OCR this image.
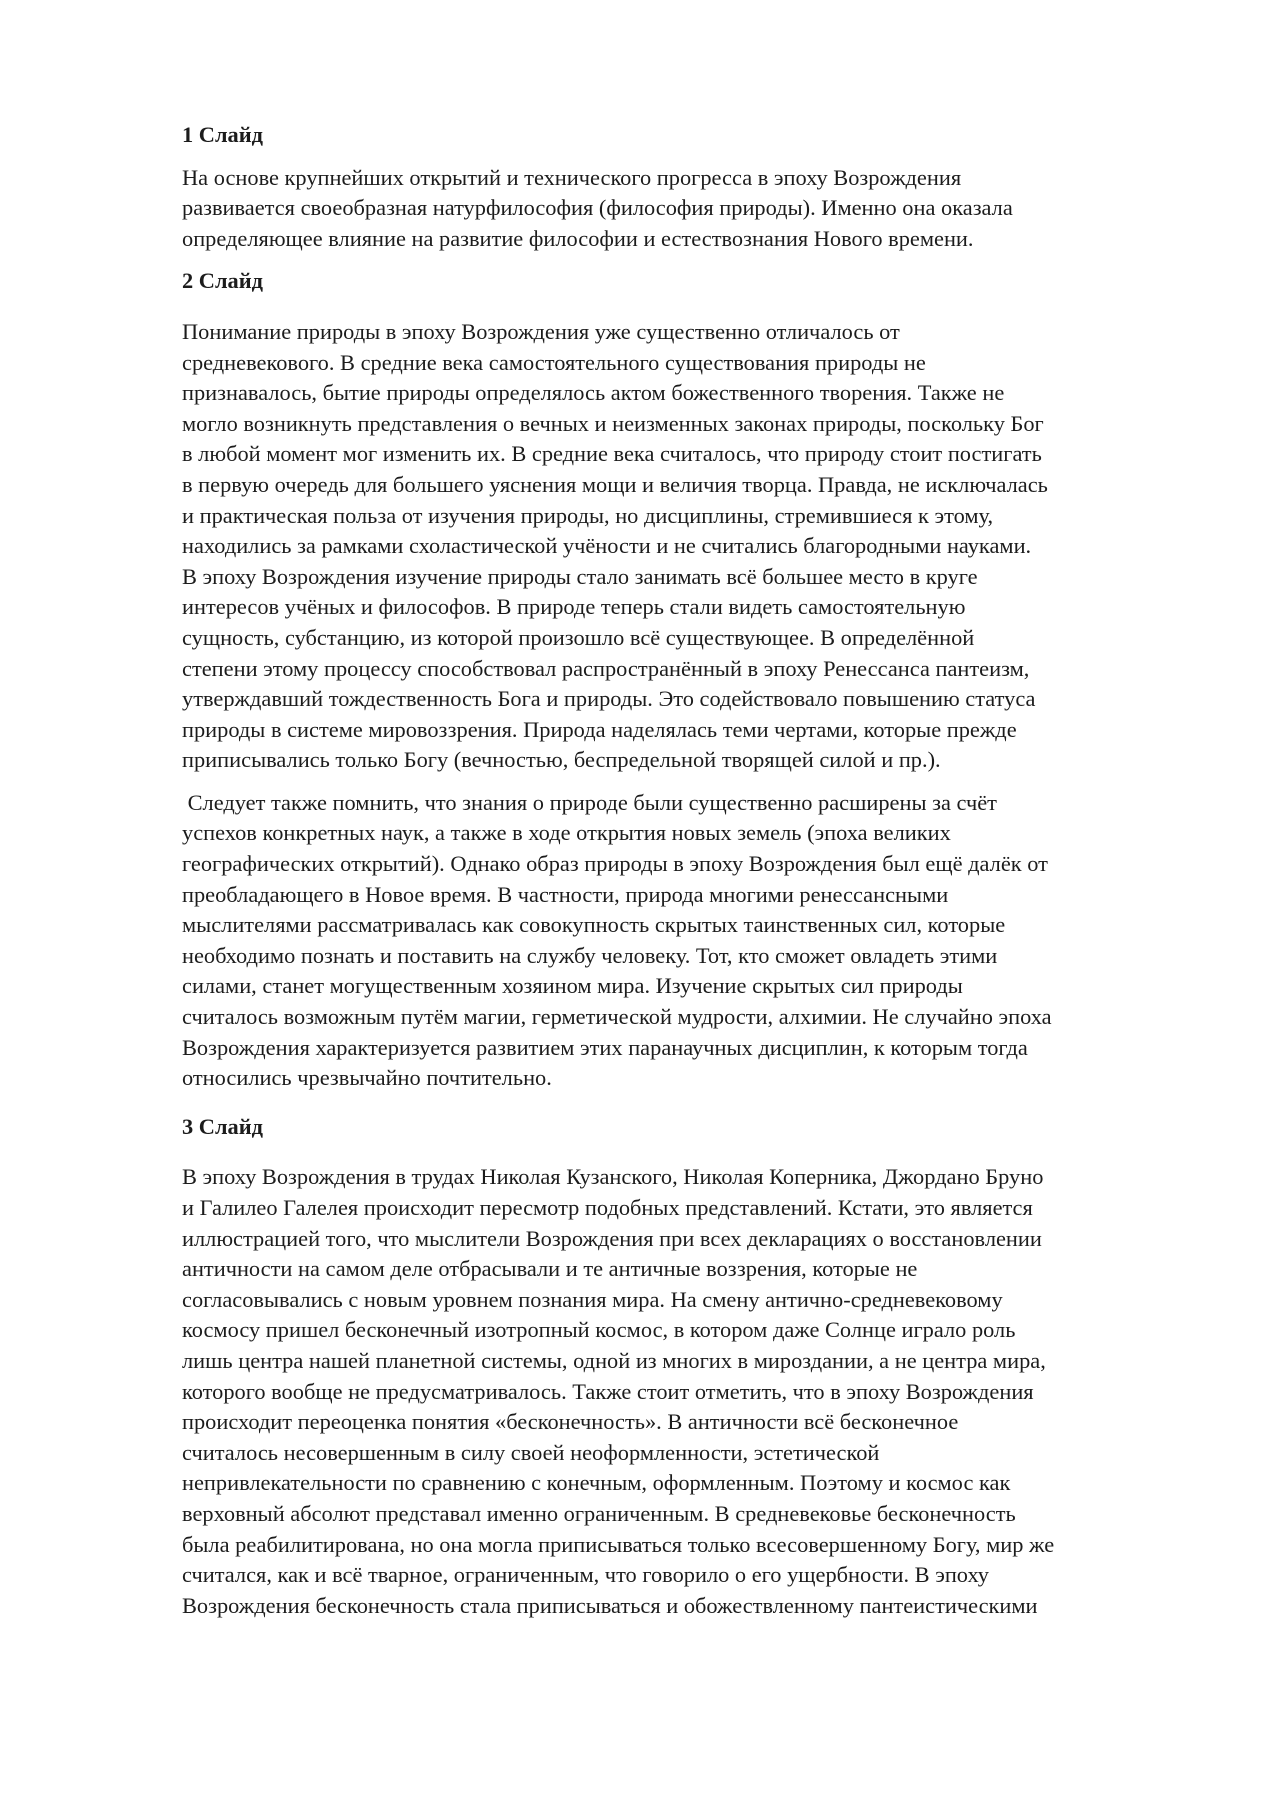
1 Слайд
На основе крупнейших открытий и технического прогресса в эпоху Возрождения
развивается своеобразная натурфилософия (философия природы). Именно она оказала
определяющее влияние на развитие философии и естествознания Нового времени.
2 Слайд
Понимание природы в эпоху Возрождения уже существенно отличалось от
средневекового. В средние века самостоятельного существования природы не
признавалось, бытие природы определялось актом божественного творения. Также не
могло возникнуть представления о вечных и неизменных законах природы, поскольку Бог
в любой момент мог изменить их. В средние века считалось, что природу стоит постигать
в первую очередь для большего уяснения мощи и величия творца. Правда, не исключалась
и практическая польза от изучения природы, но дисциплины, стремившиеся к этому,
находились за рамками схоластической учёности и не считались благородными науками.
В эпоху Возрождения изучение природы стало занимать всё большее место в круге
интересов учёных и философов. В природе теперь стали видеть самостоятельную
сущность, субстанцию, из которой произошло всё существующее. В определённой
степени этому процессу способствовал распространённый в эпоху Ренессанса пантеизм,
утверждавший тождественность Бога и природы. Это содействовало повышению статуса
природы в системе мировоззрения. Природа наделялась теми чертами, которые прежде
приписывались только Богу (вечностью, беспредельной творящей силой и пр.).
Следует также помнить, что знания о природе были существенно расширены за счёт
успехов конкретных наук, а также в ходе открытия новых земель (эпоха великих
географических открытий). Однако образ природы в эпоху Возрождения был ещё далёк от
преобладающего в Новое время. В частности, природа многими ренессансными
мыслителями рассматривалась как совокупность скрытых таинственных сил, которые
необходимо познать и поставить на службу человеку. Тот, кто сможет овладеть этими
силами, станет могущественным хозяином мира. Изучение скрытых сил природы
считалось возможным путём магии, герметической мудрости, алхимии. Не случайно эпоха
Возрождения характеризуется развитием этих паранаучных дисциплин, к которым тогда
относились чрезвычайно почтительно.
3 Слайд
В эпоху Возрождения в трудах Николая Кузанского, Николая Коперника, Джордано Бруно
и Галилео Галелея происходит пересмотр подобных представлений. Кстати, это является
иллюстрацией того, что мыслители Возрождения при всех декларациях о восстановлении
античности на самом деле отбрасывали и те античные воззрения, которые не
согласовывались с новым уровнем познания мира. На смену антично-средневековому
космосу пришел бесконечный изотропный космос, в котором даже Солнце играло роль
лишь центра нашей планетной системы, одной из многих в мироздании, а не центра мира,
которого вообще не предусматривалось. Также стоит отметить, что в эпоху Возрождения
происходит переоценка понятия «бесконечность». В античности всё бесконечное
считалось несовершенным в силу своей неоформленности, эстетической
непривлекательности по сравнению с конечным, оформленным. Поэтому и космос как
верховный абсолют представал именно ограниченным. В средневековье бесконечность
была реабилитирована, но она могла приписываться только всесовершенному Богу, мир же
считался, как и всё тварное, ограниченным, что говорило о его ущербности. В эпоху
Возрождения бесконечность стала приписываться и обожествленному пантеистическими
